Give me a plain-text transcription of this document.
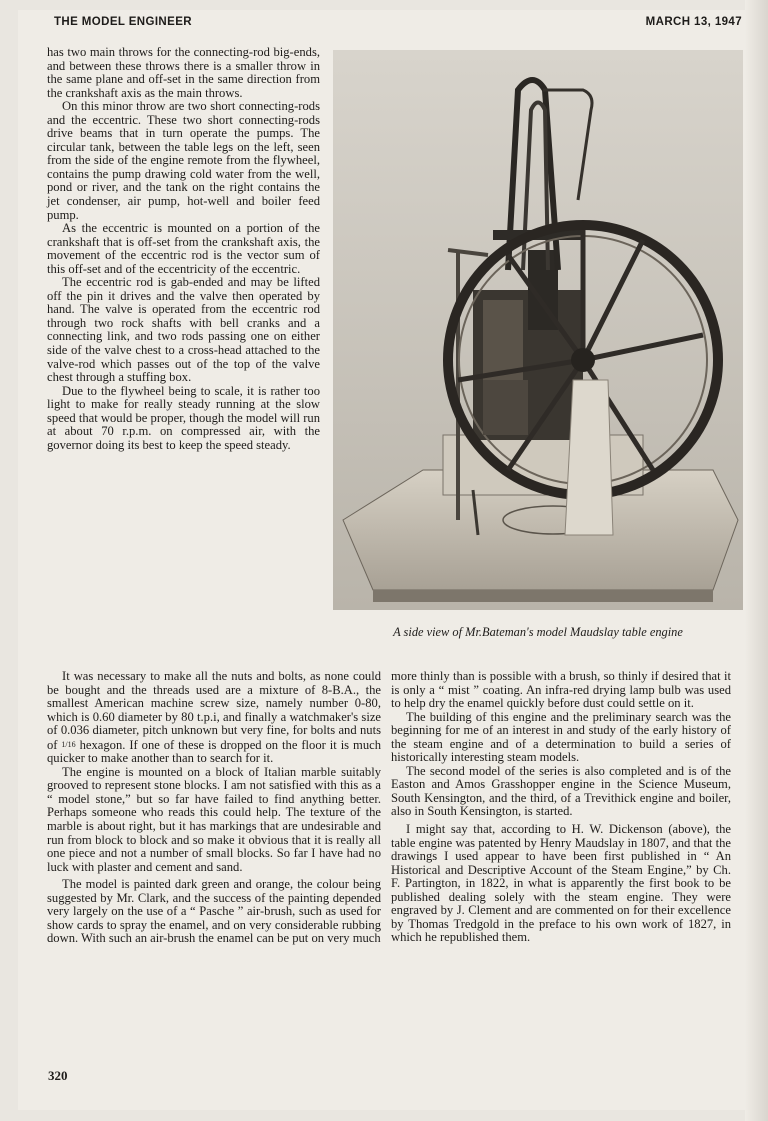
THE MODEL ENGINEER	MARCH 13, 1947

has two main throws for the connecting-rod big-ends, and between these throws there is a smaller throw in the same plane and off-set in the same direction from the crankshaft axis as the main throws.

On this minor throw are two short connecting-rods and the eccentric. These two short connecting-rods drive beams that in turn operate the pumps. The circular tank, between the table legs on the left, seen from the side of the engine remote from the flywheel, contains the pump drawing cold water from the well, pond or river, and the tank on the right contains the jet condenser, air pump, hot-well and boiler feed pump.

As the eccentric is mounted on a portion of the crankshaft that is off-set from the crankshaft axis, the movement of the eccentric rod is the vector sum of this off-set and of the eccentricity of the eccentric.

The eccentric rod is gab-ended and may be lifted off the pin it drives and the valve then operated by hand. The valve is operated from the eccentric rod through two rock shafts with bell cranks and a connecting link, and two rods passing one on either side of the valve chest to a cross-head attached to the valve-rod which passes out of the top of the valve chest through a stuffing box.

Due to the flywheel being to scale, it is rather too light to make for really steady running at the slow speed that would be proper, though the model will run at about 70 r.p.m. on compressed air, with the governor doing its best to keep the speed steady.

A side view of Mr.Bateman's model Maudslay table engine

It was necessary to make all the nuts and bolts, as none could be bought and the threads used are a mixture of 8-B.A., the smallest American machine screw size, namely number 0-80, which is 0.60 diameter by 80 t.p.i, and finally a watchmaker's size of 0.036 diameter, pitch unknown but very fine, for bolts and nuts of 1/16 hexagon. If one of these is dropped on the floor it is much quicker to make another than to search for it.

The engine is mounted on a block of Italian marble suitably grooved to represent stone blocks. I am not satisfied with this as a “ model stone,” but so far have failed to find anything better. Perhaps someone who reads this could help. The texture of the marble is about right, but it has markings that are undesirable and run from block to block and so make it obvious that it is really all one piece and not a number of small blocks. So far I have had no luck with plaster and cement and sand.

The model is painted dark green and orange, the colour being suggested by Mr. Clark, and the success of the painting depended very largely on the use of a “ Pasche ” air-brush, such as used for show cards to spray the enamel, and on very considerable rubbing down. With such an air-brush the enamel can be put on very much

more thinly than is possible with a brush, so thinly if desired that it is only a “ mist ” coating. An infra-red drying lamp bulb was used to help dry the enamel quickly before dust could settle on it.

The building of this engine and the preliminary search was the beginning for me of an interest in and study of the early history of the steam engine and of a determination to build a series of historically interesting steam models.

The second model of the series is also completed and is of the Easton and Amos Grasshopper engine in the Science Museum, South Kensington, and the third, of a Trevithick engine and boiler, also in South Kensington, is started.

I might say that, according to H. W. Dickenson (above), the table engine was patented by Henry Maudslay in 1807, and that the drawings I used appear to have been first published in “ An Historical and Descriptive Account of the Steam Engine,” by Ch. F. Partington, in 1822, in what is apparently the first book to be published dealing solely with the steam engine. They were engraved by J. Clement and are commented on for their excellence by Thomas Tredgold in the preface to his own work of 1827, in which he republished them.

320
